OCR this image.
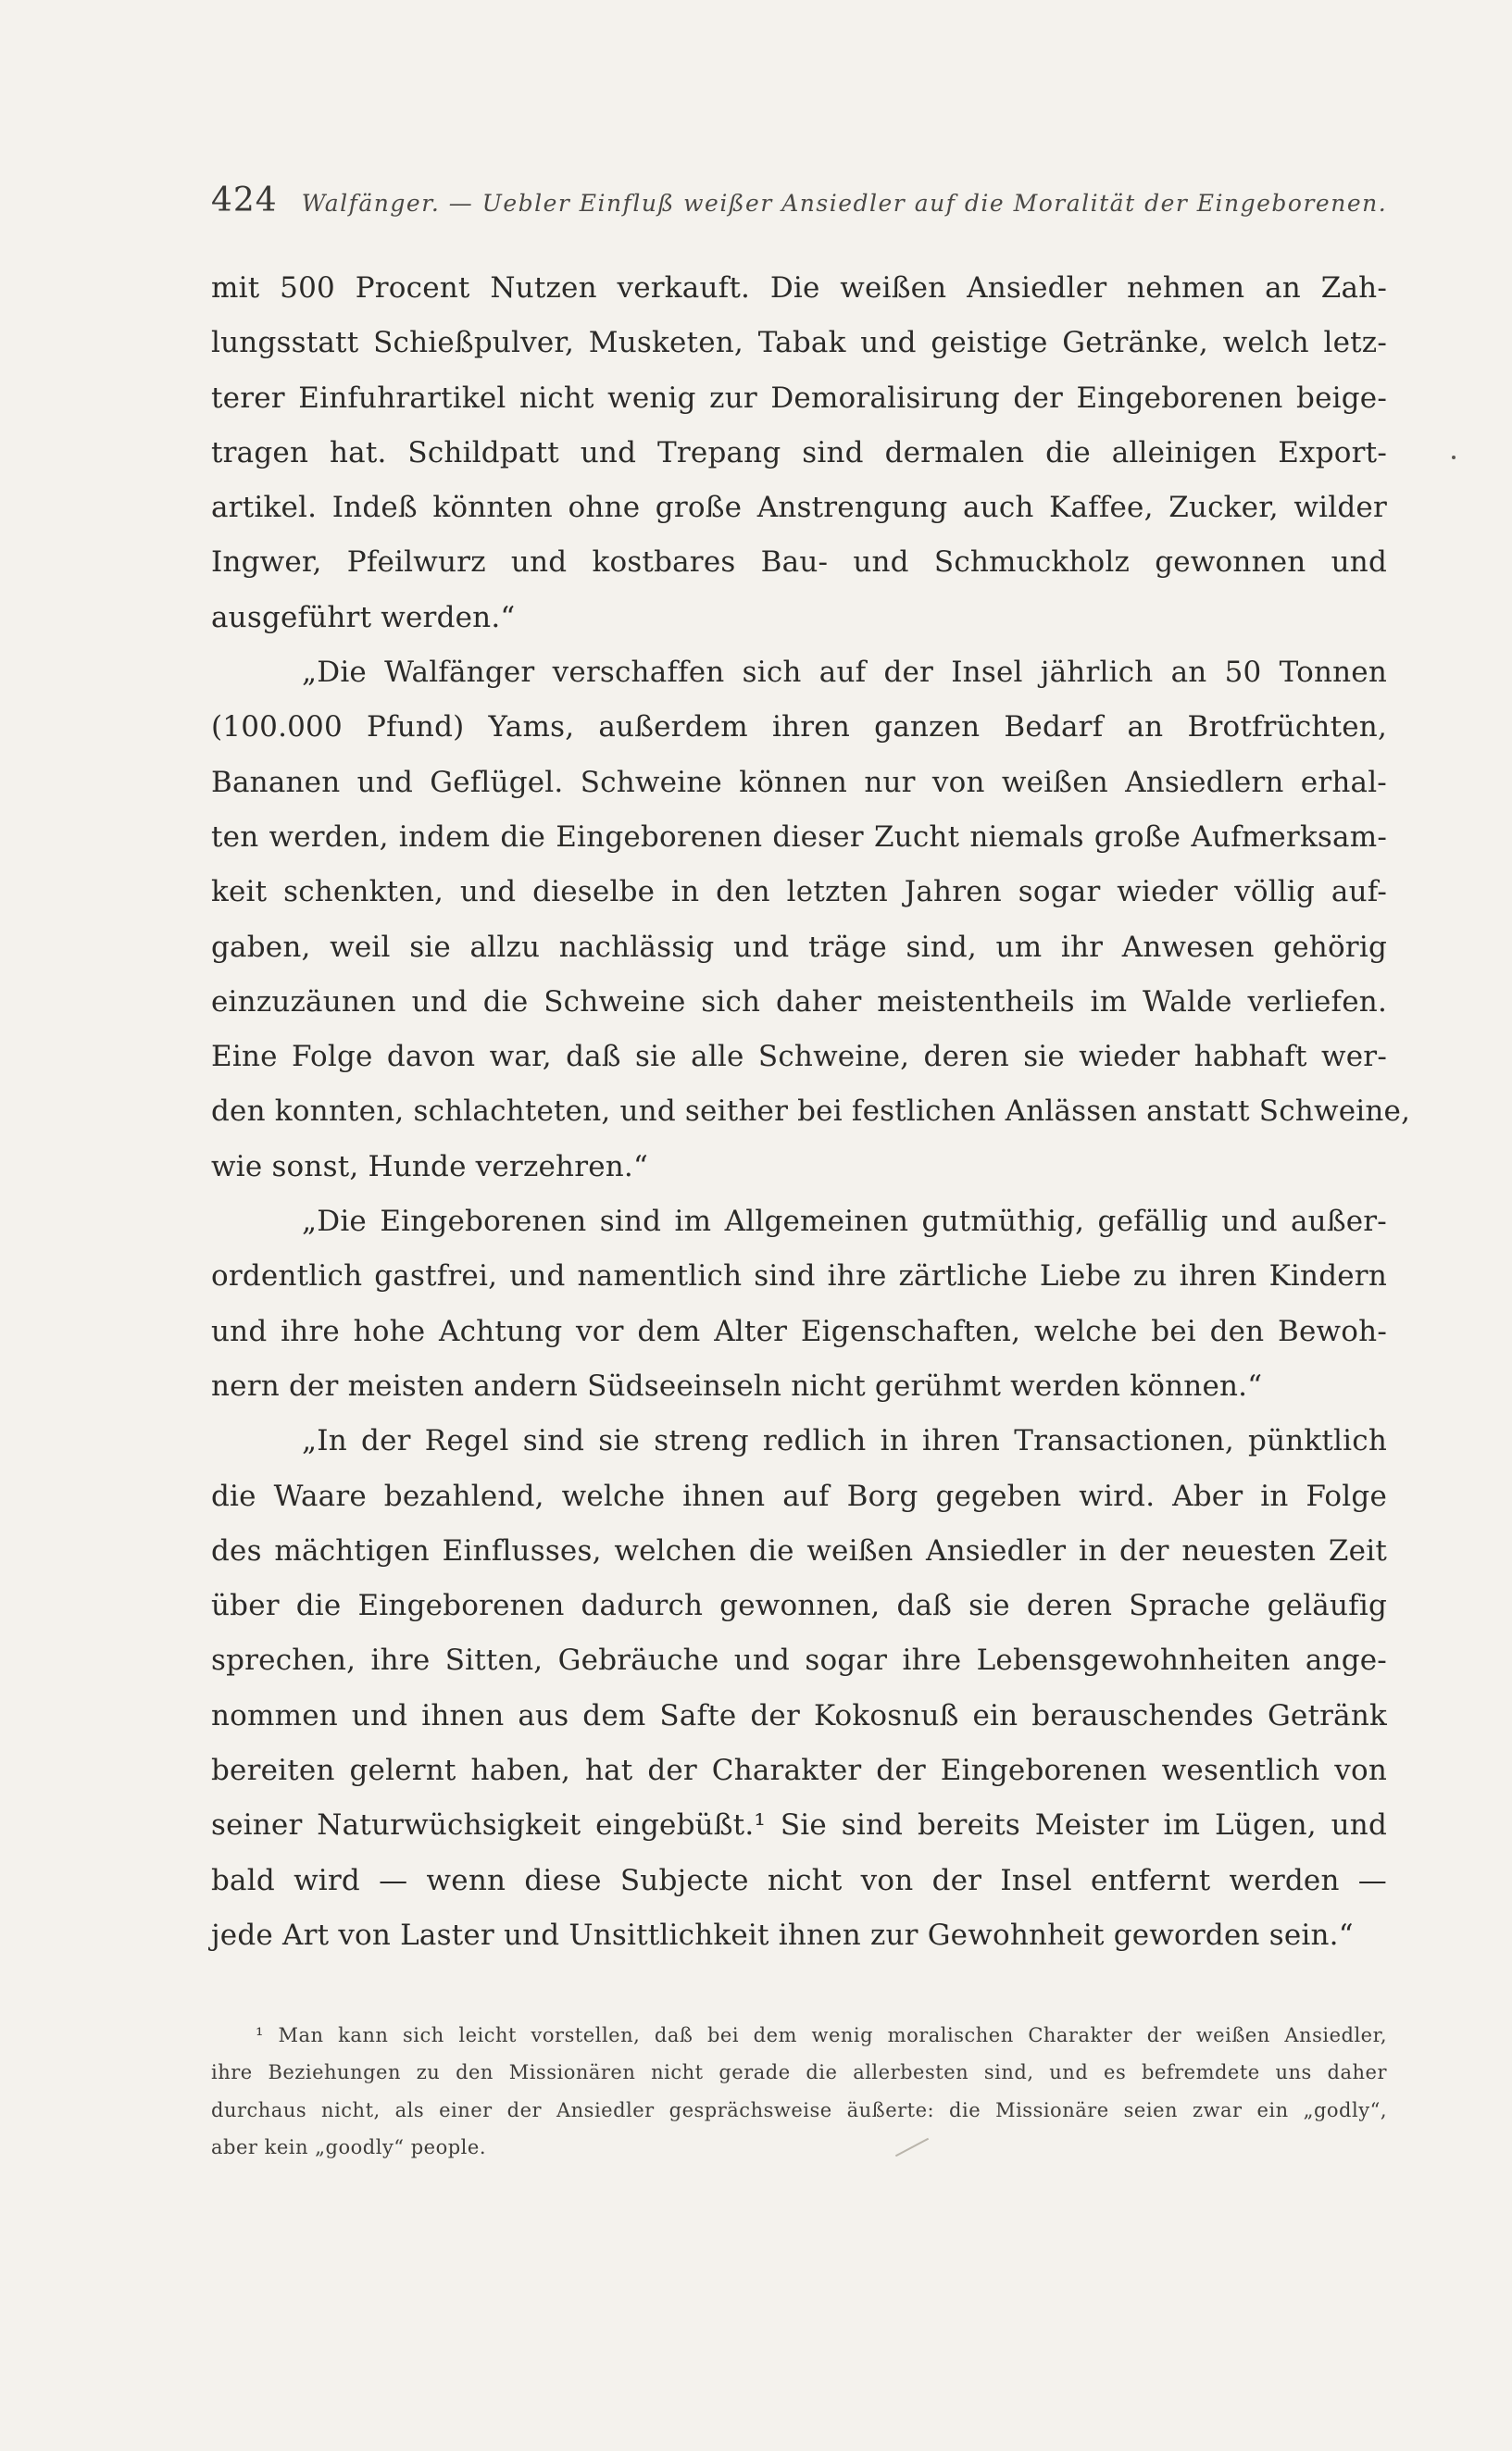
424 Walfänger. — Uebler Einfluß weißer Ansiedler auf die Moralität der Eingeborenen.
mit 500 Procent Nutzen verkauft. Die weißen Ansiedler nehmen an Zah-
lungsstatt Schießpulver, Musketen, Tabak und geistige Getränke, welch letz-
terer Einfuhrartikel nicht wenig zur Demoralisirung der Eingeborenen beige-
tragen hat. Schildpatt und Trepang sind dermalen die alleinigen Export-
artikel. Indeß könnten ohne große Anstrengung auch Kaffee, Zucker, wilder
Ingwer, Pfeilwurz und kostbares Bau- und Schmuckholz gewonnen und
ausgeführt werden.“
„Die Walfänger verschaffen sich auf der Insel jährlich an 50 Tonnen
(100.000 Pfund) Yams, außerdem ihren ganzen Bedarf an Brotfrüchten,
Bananen und Geflügel. Schweine können nur von weißen Ansiedlern erhal-
ten werden, indem die Eingeborenen dieser Zucht niemals große Aufmerksam-
keit schenkten, und dieselbe in den letzten Jahren sogar wieder völlig auf-
gaben, weil sie allzu nachlässig und träge sind, um ihr Anwesen gehörig
einzuzäunen und die Schweine sich daher meistentheils im Walde verliefen.
Eine Folge davon war, daß sie alle Schweine, deren sie wieder habhaft wer-
den konnten, schlachteten, und seither bei festlichen Anlässen anstatt Schweine,
wie sonst, Hunde verzehren.“
„Die Eingeborenen sind im Allgemeinen gutmüthig, gefällig und außer-
ordentlich gastfrei, und namentlich sind ihre zärtliche Liebe zu ihren Kindern
und ihre hohe Achtung vor dem Alter Eigenschaften, welche bei den Bewoh-
nern der meisten andern Südseeinseln nicht gerühmt werden können.“
„In der Regel sind sie streng redlich in ihren Transactionen, pünktlich
die Waare bezahlend, welche ihnen auf Borg gegeben wird. Aber in Folge
des mächtigen Einflusses, welchen die weißen Ansiedler in der neuesten Zeit
über die Eingeborenen dadurch gewonnen, daß sie deren Sprache geläufig
sprechen, ihre Sitten, Gebräuche und sogar ihre Lebensgewohnheiten ange-
nommen und ihnen aus dem Safte der Kokosnuß ein berauschendes Getränk
bereiten gelernt haben, hat der Charakter der Eingeborenen wesentlich von
seiner Naturwüchsigkeit eingebüßt.¹ Sie sind bereits Meister im Lügen, und
bald wird — wenn diese Subjecte nicht von der Insel entfernt werden —
jede Art von Laster und Unsittlichkeit ihnen zur Gewohnheit geworden sein.“
¹ Man kann sich leicht vorstellen, daß bei dem wenig moralischen Charakter der weißen Ansiedler,
ihre Beziehungen zu den Missionären nicht gerade die allerbesten sind, und es befremdete uns daher
durchaus nicht, als einer der Ansiedler gesprächsweise äußerte: die Missionäre seien zwar ein „godly“,
aber kein „goodly“ people.
